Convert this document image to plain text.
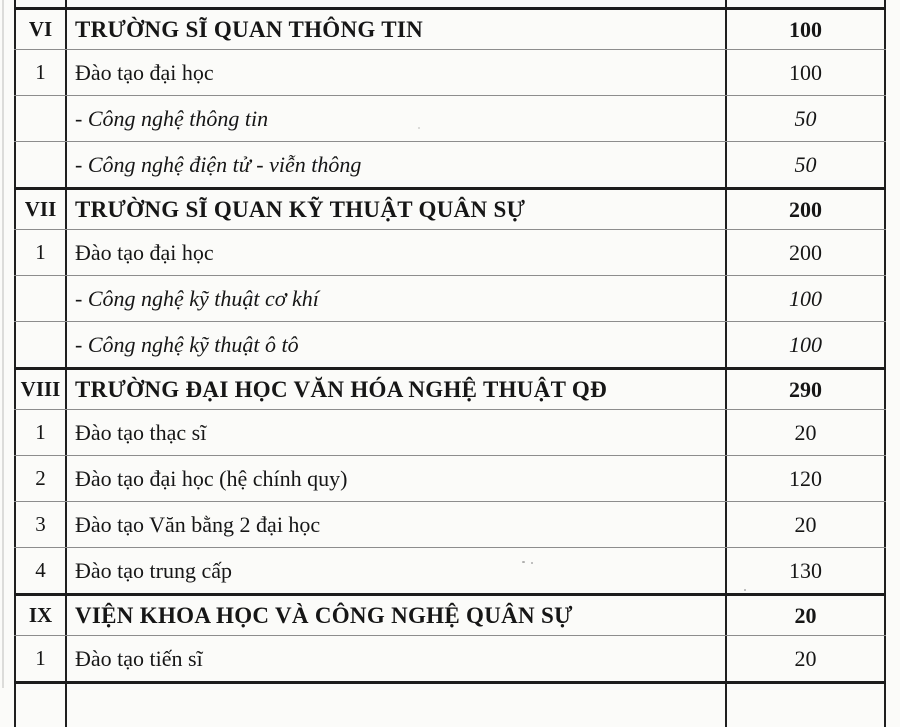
VI TRƯỜNG SĨ QUAN THÔNG TIN	100
1	Đào tạo đại học	100
- Công nghệ thông tin	50
- Công nghệ điện tử - viễn thông	50
VII TRƯỜNG SĨ QUAN KỸ THUẬT QUÂN SỰ	200
1	Đào tạo đại học	200
- Công nghệ kỹ thuật cơ khí	100
- Công nghệ kỹ thuật ô tô	100
VIII TRƯỜNG ĐẠI HỌC VĂN HÓA NGHỆ THUẬT QĐ	290
1	Đào tạo thạc sĩ	20
2	Đào tạo đại học (hệ chính quy)	120
3	Đào tạo Văn bằng 2 đại học	20
4	Đào tạo trung cấp	130
IX VIỆN KHOA HỌC VÀ CÔNG NGHỆ QUÂN SỰ	20
1	Đào tạo tiến sĩ	20
